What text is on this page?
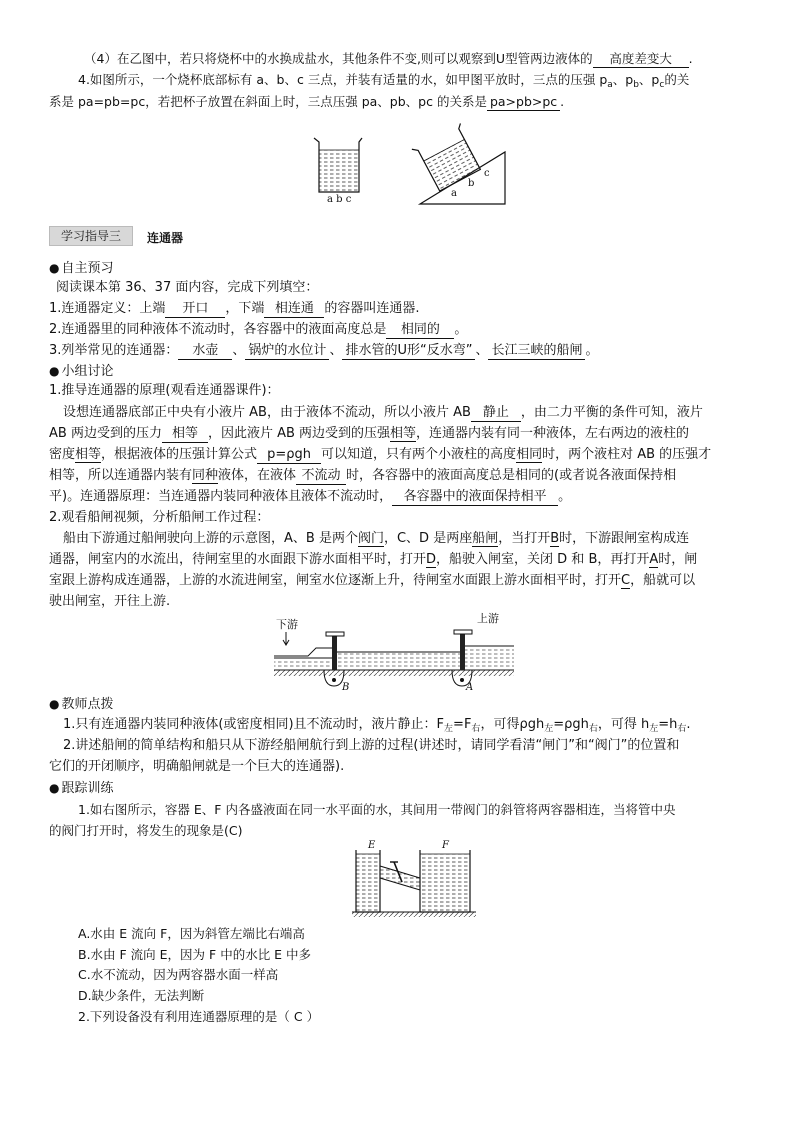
（4）在乙图中，若只将烧杯中的水换成盐水，其他条件不变,则可以观察到U型管两边液体的 高度差变大 .
4.如图所示，一个烧杯底部标有 a、b、c 三点，并装有适量的水，如甲图平放时，三点的压强 $p_a$、$p_b$、$p_c$的关
系是 pa=pb=pc，若把杯子放置在斜面上时，三点压强 pa、pb、pc 的关系是 pa>pb>pc .
a b c
a
b
c
学习指导三	连通器
● 自主预习
阅读课本第 36、37 面内容，完成下列填空：
1.连通器定义：上端 开口 ，下端 相连通 的容器叫连通器.
2.连通器里的同种液体不流动时，各容器中的液面高度总是 相同的 。
3.列举常见的连通器： 水壶 、 锅炉的水位计 、 排水管的U形“反水弯” 、 长江三峡的船闸 。
● 小组讨论
1.推导连通器的原理(观看连通器课件)：
设想连通器底部正中央有小液片 AB，由于液体不流动，所以小液片 AB 静止 ，由二力平衡的条件可知，液片
AB 两边受到的压力 相等 ，因此液片 AB 两边受到的压强相等，连通器内装有同一种液体，左右两边的液柱的
密度相等，根据液体的压强计算公式 p=ρgh 可以知道，只有两个小液柱的高度相同时，两个液柱对 AB 的压强才
相等，所以连通器内装有同种液体，在液体 不流动 时，各容器中的液面高度总是相同的(或者说各液面保持相
平)。连通器原理：当连通器内装同种液体且液体不流动时， 各容器中的液面保持相平 。
2.观看船闸视频，分析船闸工作过程：
船由下游通过船闸驶向上游的示意图，A、B 是两个阀门，C、D 是两座船闸，当打开B时，下游跟闸室构成连
通器，闸室内的水流出，待闸室里的水面跟下游水面相平时，打开D，船驶入闸室，关闭 D 和 B，再打开A时，闸
室跟上游构成连通器，上游的水流进闸室，闸室水位逐渐上升，待闸室水面跟上游水面相平时，打开C，船就可以
驶出闸室，开往上游.
下游	上游
B	A
● 教师点拨
1.只有连通器内装同种液体(或密度相同)且不流动时，液片静止：$F_左=F_右$，可得ρgh$_左$=ρgh$_右$，可得 $h_左=h_右$.
2.讲述船闸的简单结构和船只从下游经船闸航行到上游的过程(讲述时，请同学看清“闸门”和“阀门”的位置和
它们的开闭顺序，明确船闸就是一个巨大的连通器).
● 跟踪训练
1.如右图所示，容器 E、F 内各盛液面在同一水平面的水，其间用一带阀门的斜管将两容器相连，当将管中央
的阀门打开时，将发生的现象是(C)
E	F
A.水由 E 流向 F，因为斜管左端比右端高
B.水由 F 流向 E，因为 F 中的水比 E 中多
C.水不流动，因为两容器水面一样高
D.缺少条件，无法判断
2.下列设备没有利用连通器原理的是（ C ）
